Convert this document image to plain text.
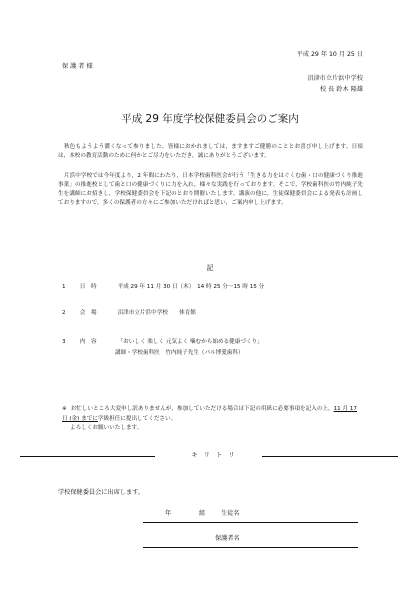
平成 29 年 10 月 25 日
保 護 者 様
沼津市立片浜中学校
校 長 鈴木 隆雄
平成 29 年度学校保健委員会のご案内
秋色もようよう濃くなって参りました。皆様におかれましては，ますますご健勝のこととお喜び申し上げます。日頃は，本校の教育活動のために何かとご尽力をいただき，誠にありがとうございます。
片浜中学校では今年度より，2 年間にわたり，日本学校歯科医会が行う「生きる力をはぐくむ歯・口の健康づくり推進事業」の推進校として歯と口の健康づくりに力を入れ，様々な実践を行っております。そこで，学校歯科医の竹内純子先生を講師にお招きし，学校保健委員会を下記のとおり開催いたします。講演の他に，生徒保健委員会による発表も計画しておりますので，多くの保護者の方々にご参加いただければと思い，ご案内申し上げます。
記
1	日　時	平成 29 年 11 月 30 日（木）　14 時 25 分～15 時 15 分
2	会　場	沼津市立片浜中学校　　体育館
3	内　容	「おいしく 楽しく 元気よく 噛むから始める健康づくり」
講師・学校歯科医　竹内純子先生（パル博愛歯科）
※ お忙しいところ大変申し訳ありませんが，参加していただける場合は下記の用紙に必要事項を記入の上，11 月 17 日 (金) までに学級担任に提出してください。
よろしくお願いいたします。
キ　リ　ト　リ
学校保健委員会に出席します。
年	組	生徒名
保護者名
